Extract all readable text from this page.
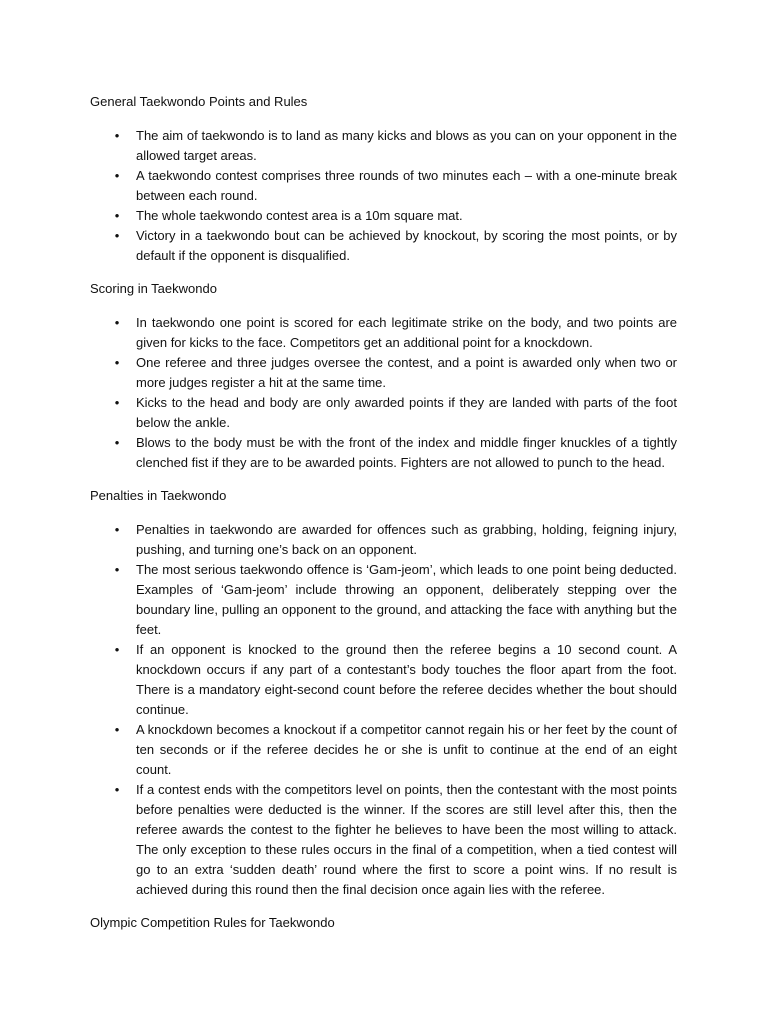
General Taekwondo Points and Rules
• The aim of taekwondo is to land as many kicks and blows as you can on your opponent in the allowed target areas.
• A taekwondo contest comprises three rounds of two minutes each – with a one-minute break between each round.
• The whole taekwondo contest area is a 10m square mat.
• Victory in a taekwondo bout can be achieved by knockout, by scoring the most points, or by default if the opponent is disqualified.
Scoring in Taekwondo
• In taekwondo one point is scored for each legitimate strike on the body, and two points are given for kicks to the face. Competitors get an additional point for a knockdown.
• One referee and three judges oversee the contest, and a point is awarded only when two or more judges register a hit at the same time.
• Kicks to the head and body are only awarded points if they are landed with parts of the foot below the ankle.
• Blows to the body must be with the front of the index and middle finger knuckles of a tightly clenched fist if they are to be awarded points. Fighters are not allowed to punch to the head.
Penalties in Taekwondo
• Penalties in taekwondo are awarded for offences such as grabbing, holding, feigning injury, pushing, and turning one’s back on an opponent.
• The most serious taekwondo offence is ‘Gam-jeom’, which leads to one point being deducted. Examples of ‘Gam-jeom’ include throwing an opponent, deliberately stepping over the boundary line, pulling an opponent to the ground, and attacking the face with anything but the feet.
• If an opponent is knocked to the ground then the referee begins a 10 second count. A knockdown occurs if any part of a contestant’s body touches the floor apart from the foot. There is a mandatory eight-second count before the referee decides whether the bout should continue.
• A knockdown becomes a knockout if a competitor cannot regain his or her feet by the count of ten seconds or if the referee decides he or she is unfit to continue at the end of an eight count.
• If a contest ends with the competitors level on points, then the contestant with the most points before penalties were deducted is the winner. If the scores are still level after this, then the referee awards the contest to the fighter he believes to have been the most willing to attack. The only exception to these rules occurs in the final of a competition, when a tied contest will go to an extra ‘sudden death’ round where the first to score a point wins. If no result is achieved during this round then the final decision once again lies with the referee.
Olympic Competition Rules for Taekwondo
